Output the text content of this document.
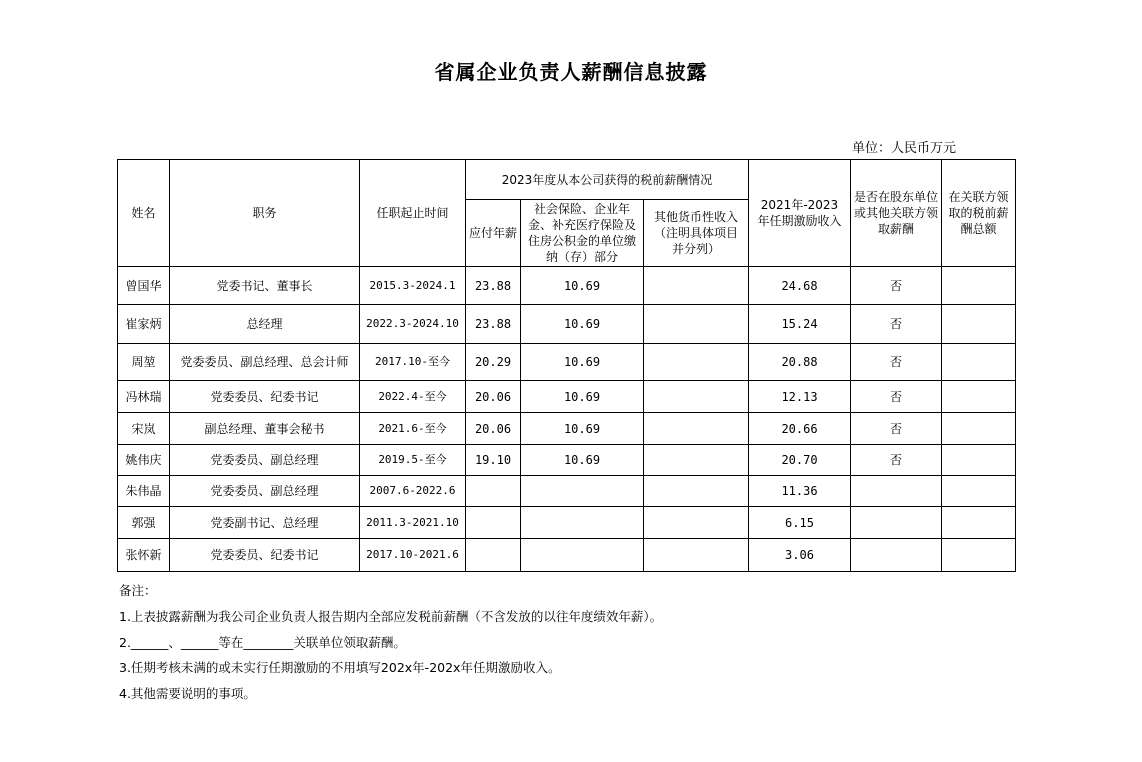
省属企业负责人薪酬信息披露
单位：人民币万元
姓名	职务	任职起止时间	2023年度从本公司获得的税前薪酬情况			2021年-2023年任期激励收入	是否在股东单位或其他关联方领取薪酬	在关联方领取的税前薪酬总额
			应付年薪	社会保险、企业年金、补充医疗保险及住房公积金的单位缴纳（存）部分	其他货币性收入（注明具体项目并分列）			
曾国华	党委书记、董事长	2015.3-2024.1	23.88	10.69		24.68	否	
崔家炳	总经理	2022.3-2024.10	23.88	10.69		15.24	否	
周堃	党委委员、副总经理、总会计师	2017.10-至今	20.29	10.69		20.88	否	
冯林瑞	党委委员、纪委书记	2022.4-至今	20.06	10.69		12.13	否	
宋岚	副总经理、董事会秘书	2021.6-至今	20.06	10.69		20.66	否	
姚伟庆	党委委员、副总经理	2019.5-至今	19.10	10.69		20.70	否	
朱伟晶	党委委员、副总经理	2007.6-2022.6				11.36		
郭强	党委副书记、总经理	2011.3-2021.10				6.15		
张怀新	党委委员、纪委书记	2017.10-2021.6				3.06		
备注：
1.上表披露薪酬为我公司企业负责人报告期内全部应发税前薪酬（不含发放的以往年度绩效年薪）。
2.______、______等在________关联单位领取薪酬。
3.任期考核未满的或未实行任期激励的不用填写202x年-202x年任期激励收入。
4.其他需要说明的事项。
